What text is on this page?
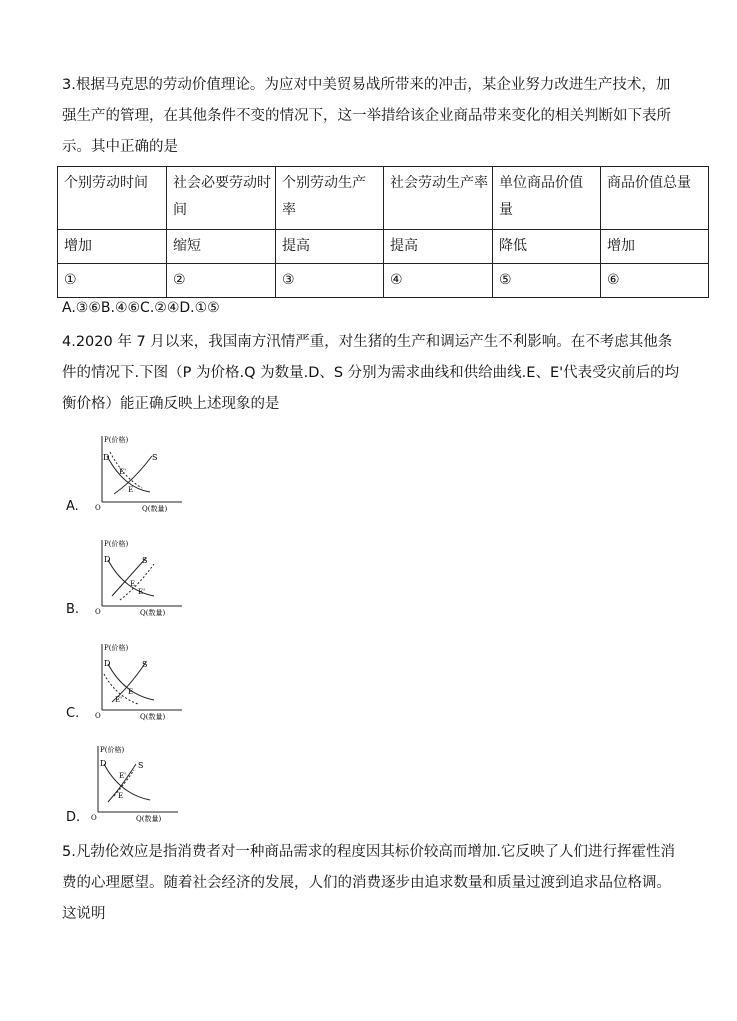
3.根据马克思的劳动价值理论。为应对中美贸易战所带来的冲击，某企业努力改进生产技术，加强生产的管理，在其他条件不变的情况下，这一举措给该企业商品带来变化的相关判断如下表所示。其中正确的是
个别劳动时间	社会必要劳动时间	个别劳动生产率	社会劳动生产率	单位商品价值量	商品价值总量
增加	缩短	提高	提高	降低	增加
①	②	③	④	⑤	⑥
A.③⑥B.④⑥C.②④D.①⑤
4.2020 年 7 月以来，我国南方汛情严重，对生猪的生产和调运产生不利影响。在不考虑其他条件的情况下.下图（P 为价格.Q 为数量.D、S 分别为需求曲线和供给曲线.E、E'代表受灾前后的均衡价格）能正确反映上述现象的是
A.
P(价格)
Q(数量)
O
D	S
E'
E
B.
P(价格)
Q(数量)
O
D	S
E
E'
C.
P(价格)
Q(数量)
O
D	S
E
E'
D.
P(价格)
Q(数量)
O
D	S
E'
E
5.凡勃伦效应是指消费者对一种商品需求的程度因其标价较高而增加.它反映了人们进行挥霍性消费的心理愿望。随着社会经济的发展，人们的消费逐步由追求数量和质量过渡到追求品位格调。这说明
